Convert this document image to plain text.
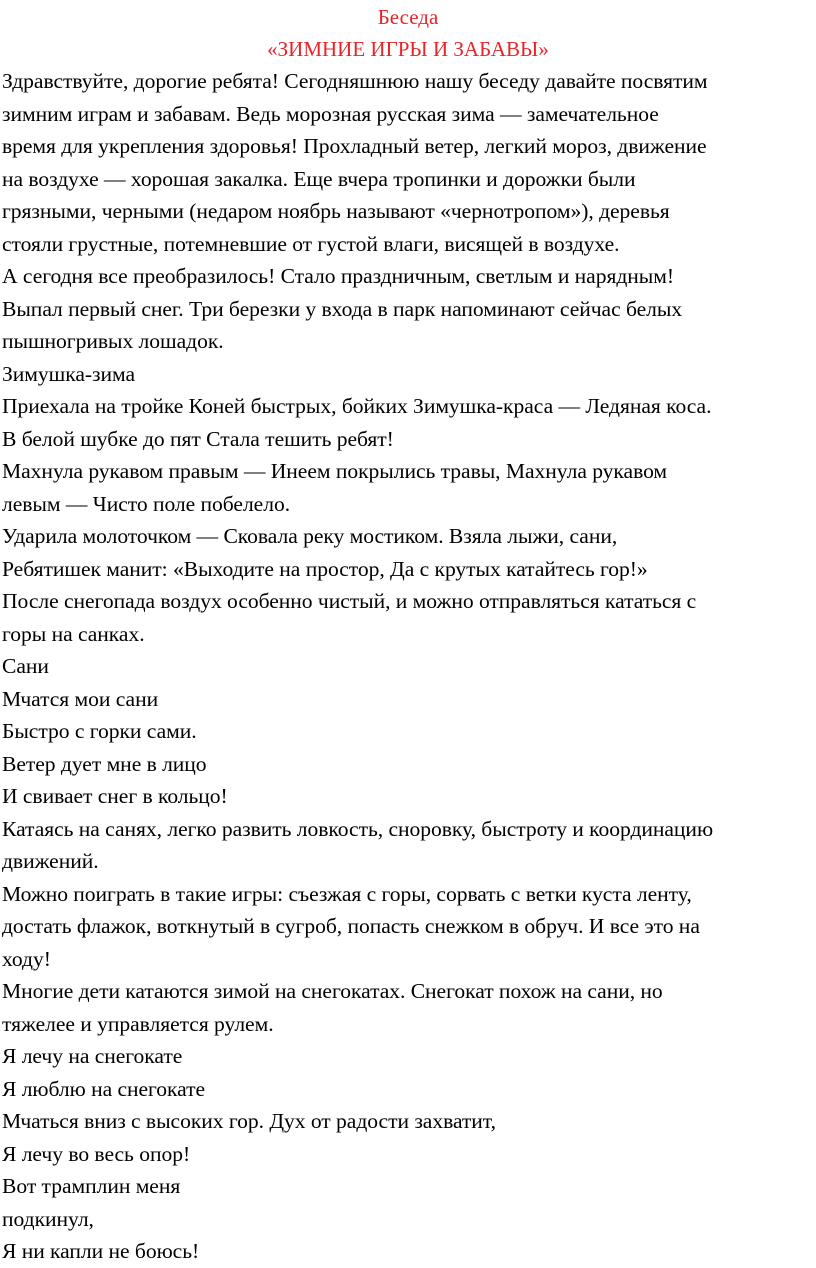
Беседа
«ЗИМНИЕ ИГРЫ И ЗАБАВЫ»
Здравствуйте, дорогие ребята! Сегодняшнюю нашу беседу давайте посвятим
зимним играм и забавам. Ведь морозная русская зима — замечательное
время для укрепления здоровья! Прохладный ветер, легкий мороз, движение
на воздухе — хорошая закалка. Еще вчера тропинки и дорожки были
грязными, черными (недаром ноябрь называют «чернотропом»), деревья
стояли грустные, потемневшие от густой влаги, висящей в воздухе.
А сегодня все преобразилось! Стало праздничным, светлым и нарядным!
Выпал первый снег. Три березки у входа в парк напоминают сейчас белых
пышногривых лошадок.
Зимушка-зима
Приехала на тройке Коней быстрых, бойких Зимушка-краса — Ледяная коса.
В белой шубке до пят Стала тешить ребят!
Махнула рукавом правым — Инеем покрылись травы, Махнула рукавом
левым — Чисто поле побелело.
Ударила молоточком — Сковала реку мостиком. Взяла лыжи, сани,
Ребятишек манит: «Выходите на простор, Да с крутых катайтесь гор!»
После снегопада воздух особенно чистый, и можно отправляться кататься с
горы на санках.
Сани
Мчатся мои сани
Быстро с горки сами.
Ветер дует мне в лицо
И свивает снег в кольцо!
Катаясь на санях, легко развить ловкость, сноровку, быстроту и координацию
движений.
Можно поиграть в такие игры: съезжая с горы, сорвать с ветки куста ленту,
достать флажок, воткнутый в сугроб, попасть снежком в обруч. И все это на
ходу!
Многие дети катаются зимой на снегокатах. Снегокат похож на сани, но
тяжелее и управляется рулем.
Я лечу на снегокате
Я люблю на снегокате
Мчаться вниз с высоких гор. Дух от радости захватит,
Я лечу во весь опор!
Вот трамплин меня
подкинул,
Я ни капли не боюсь!
